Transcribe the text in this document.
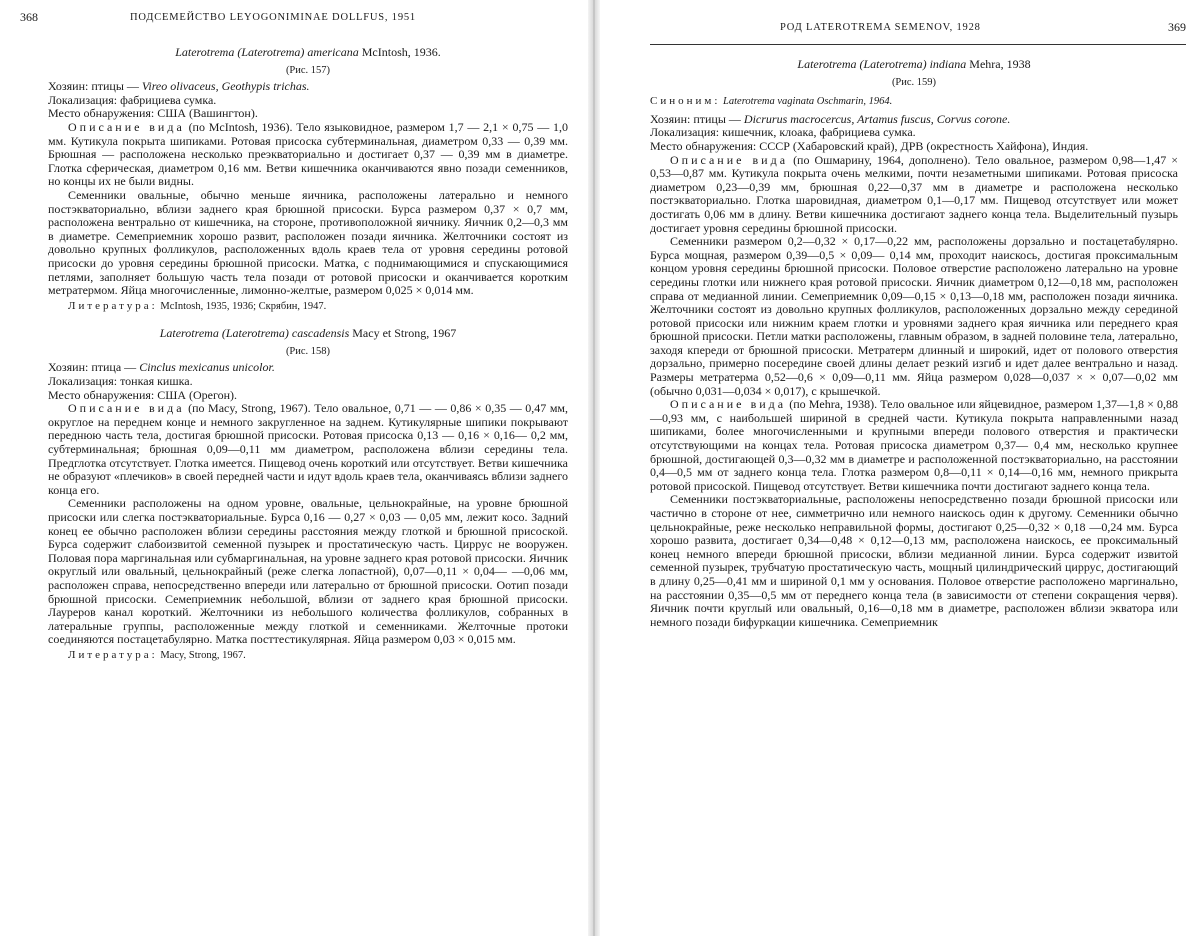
368	ПОДСЕМЕЙСТВО LEYOGONIMINAE DOLLFUS, 1951

Laterotrema (Laterotrema) americana McIntosh, 1936.

(Рис. 157)

Хозяин: птицы — Vireo olivaceus, Geothypis trichas.

Локализация: фабрициева сумка.

Место обнаружения: США (Вашингтон).

Описание вида (по McIntosh, 1936). Тело языковидное, размером 1,7 — 2,1 × 0,75 — 1,0 мм. Кутикула покрыта шипиками. Ротовая присоска субтерминальная, диаметром 0,33 — 0,39 мм. Брюшная — расположена несколько преэкваториально и достигает 0,37 — 0,39 мм в диаметре. Глотка сферическая, диаметром 0,16 мм. Ветви кишечника оканчиваются явно позади семенников, но концы их не были видны.

Семенники овальные, обычно меньше яичника, расположены латерально и немного постэкваториально, вблизи заднего края брюшной присоски. Бурса размером 0,37 × 0,7 мм, расположена вентрально от кишечника, на стороне, противоположной яичнику. Яичник 0,2—0,3 мм в диаметре. Семеприемник хорошо развит, расположен позади яичника. Желточники состоят из довольно крупных фолликулов, расположенных вдоль краев тела от уровня середины ротовой присоски до уровня середины брюшной присоски. Матка, с поднимающимися и спускающимися петлями, заполняет большую часть тела позади от ротовой присоски и оканчивается коротким метратермом. Яйца многочисленные, лимонно-желтые, размером 0,025 × 0,014 мм.

Литература: McIntosh, 1935, 1936; Скрябин, 1947.

Laterotrema (Laterotrema) cascadensis Macy et Strong, 1967

(Рис. 158)

Хозяин: птица — Cinclus mexicanus unicolor.

Локализация: тонкая кишка.

Место обнаружения: США (Орегон).

Описание вида (по Macy, Strong, 1967). Тело овальное, 0,71 — — 0,86 × 0,35 — 0,47 мм, округлое на переднем конце и немного закругленное на заднем. Кутикулярные шипики покрывают переднюю часть тела, достигая брюшной присоски. Ротовая присоска 0,13 — 0,16 × 0,16— 0,2 мм, субтерминальная; брюшная 0,09—0,11 мм диаметром, расположена вблизи середины тела. Предглотка отсутствует. Глотка имеется. Пищевод очень короткий или отсутствует. Ветви кишечника не образуют «плечиков» в своей передней части и идут вдоль краев тела, оканчиваясь вблизи заднего конца его.

Семенники расположены на одном уровне, овальные, цельнокрайные, на уровне брюшной присоски или слегка постэкваториальные. Бурса 0,16 — 0,27 × 0,03 — 0,05 мм, лежит косо. Задний конец ее обычно расположен вблизи середины расстояния между глоткой и брюшной присоской. Бурса содержит слабоизвитой семенной пузырек и простатическую часть. Циррус не вооружен. Половая пора маргинальная или субмаргинальная, на уровне заднего края ротовой присоски. Яичник округлый или овальный, цельнокрайный (реже слегка лопастной), 0,07—0,11 × 0,04— —0,06 мм, расположен справа, непосредственно впереди или латерально от брюшной присоски. Оотип позади брюшной присоски. Семеприемник небольшой, вблизи от заднего края брюшной присоски. Лауреров канал короткий. Желточники из небольшого количества фолликулов, собранных в латеральные группы, расположенные между глоткой и семенниками. Желточные протоки соединяются постацетабулярно. Матка посттестикулярная. Яйца размером 0,03 × 0,015 мм.

Литература: Macy, Strong, 1967.

РОД LATEROTREMA SEMENOV, 1928	369

Laterotrema (Laterotrema) indiana Mehra, 1938

(Рис. 159)

Синоним: Laterotrema vaginata Oschmarin, 1964.

Хозяин: птицы — Dicrurus macrocercus, Artamus fuscus, Corvus corone.

Локализация: кишечник, клоака, фабрициева сумка.

Место обнаружения: СССР (Хабаровский край), ДРВ (окрестность Хайфона), Индия.

Описание вида (по Ошмарину, 1964, дополнено). Тело овальное, размером 0,98—1,47 × 0,53—0,87 мм. Кутикула покрыта очень мелкими, почти незаметными шипиками. Ротовая присоска диаметром 0,23—0,39 мм, брюшная 0,22—0,37 мм в диаметре и расположена несколько постэкваториально. Глотка шаровидная, диаметром 0,1—0,17 мм. Пищевод отсутствует или может достигать 0,06 мм в длину. Ветви кишечника достигают заднего конца тела. Выделительный пузырь достигает уровня середины брюшной присоски.

Семенники размером 0,2—0,32 × 0,17—0,22 мм, расположены дорзально и постацетабулярно. Бурса мощная, размером 0,39—0,5 × 0,09— 0,14 мм, проходит наискось, достигая проксимальным концом уровня середины брюшной присоски. Половое отверстие расположено латерально на уровне середины глотки или нижнего края ротовой присоски. Яичник диаметром 0,12—0,18 мм, расположен справа от медианной линии. Семеприемник 0,09—0,15 × 0,13—0,18 мм, расположен позади яичника. Желточники состоят из довольно крупных фолликулов, расположенных дорзально между серединой ротовой присоски или нижним краем глотки и уровнями заднего края яичника или переднего края брюшной присоски. Петли матки расположены, главным образом, в задней половине тела, латерально, заходя кпереди от брюшной присоски. Метратерм длинный и широкий, идет от полового отверстия дорзально, примерно посередине своей длины делает резкий изгиб и идет далее вентрально и назад. Размеры метратерма 0,52—0,6 × 0,09—0,11 мм. Яйца размером 0,028—0,037 × × 0,07—0,02 мм (обычно 0,031—0,034 × 0,017), с крышечкой.

Описание вида (по Mehra, 1938). Тело овальное или яйцевидное, размером 1,37—1,8 × 0,88—0,93 мм, с наибольшей шириной в средней части. Кутикула покрыта направленными назад шипиками, более многочисленными и крупными впереди полового отверстия и практически отсутствующими на концах тела. Ротовая присоска диаметром 0,37— 0,4 мм, несколько крупнее брюшной, достигающей 0,3—0,32 мм в диаметре и расположенной постэкваториально, на расстоянии 0,4—0,5 мм от заднего конца тела. Глотка размером 0,8—0,11 × 0,14—0,16 мм, немного прикрыта ротовой присоской. Пищевод отсутствует. Ветви кишечника почти достигают заднего конца тела.

Семенники постэкваториальные, расположены непосредственно позади брюшной присоски или частично в стороне от нее, симметрично или немного наискось один к другому. Семенники обычно цельнокрайные, реже несколько неправильной формы, достигают 0,25—0,32 × 0,18 —0,24 мм. Бурса хорошо развита, достигает 0,34—0,48 × 0,12—0,13 мм, расположена наискось, ее проксимальный конец немного впереди брюшной присоски, вблизи медианной линии. Бурса содержит извитой семенной пузырек, трубчатую простатическую часть, мощный цилиндрический циррус, достигающий в длину 0,25—0,41 мм и шириной 0,1 мм у основания. Половое отверстие расположено маргинально, на расстоянии 0,35—0,5 мм от переднего конца тела (в зависимости от степени сокращения червя). Яичник почти круглый или овальный, 0,16—0,18 мм в диаметре, расположен вблизи экватора или немного позади бифуркации кишечника. Семеприемник
